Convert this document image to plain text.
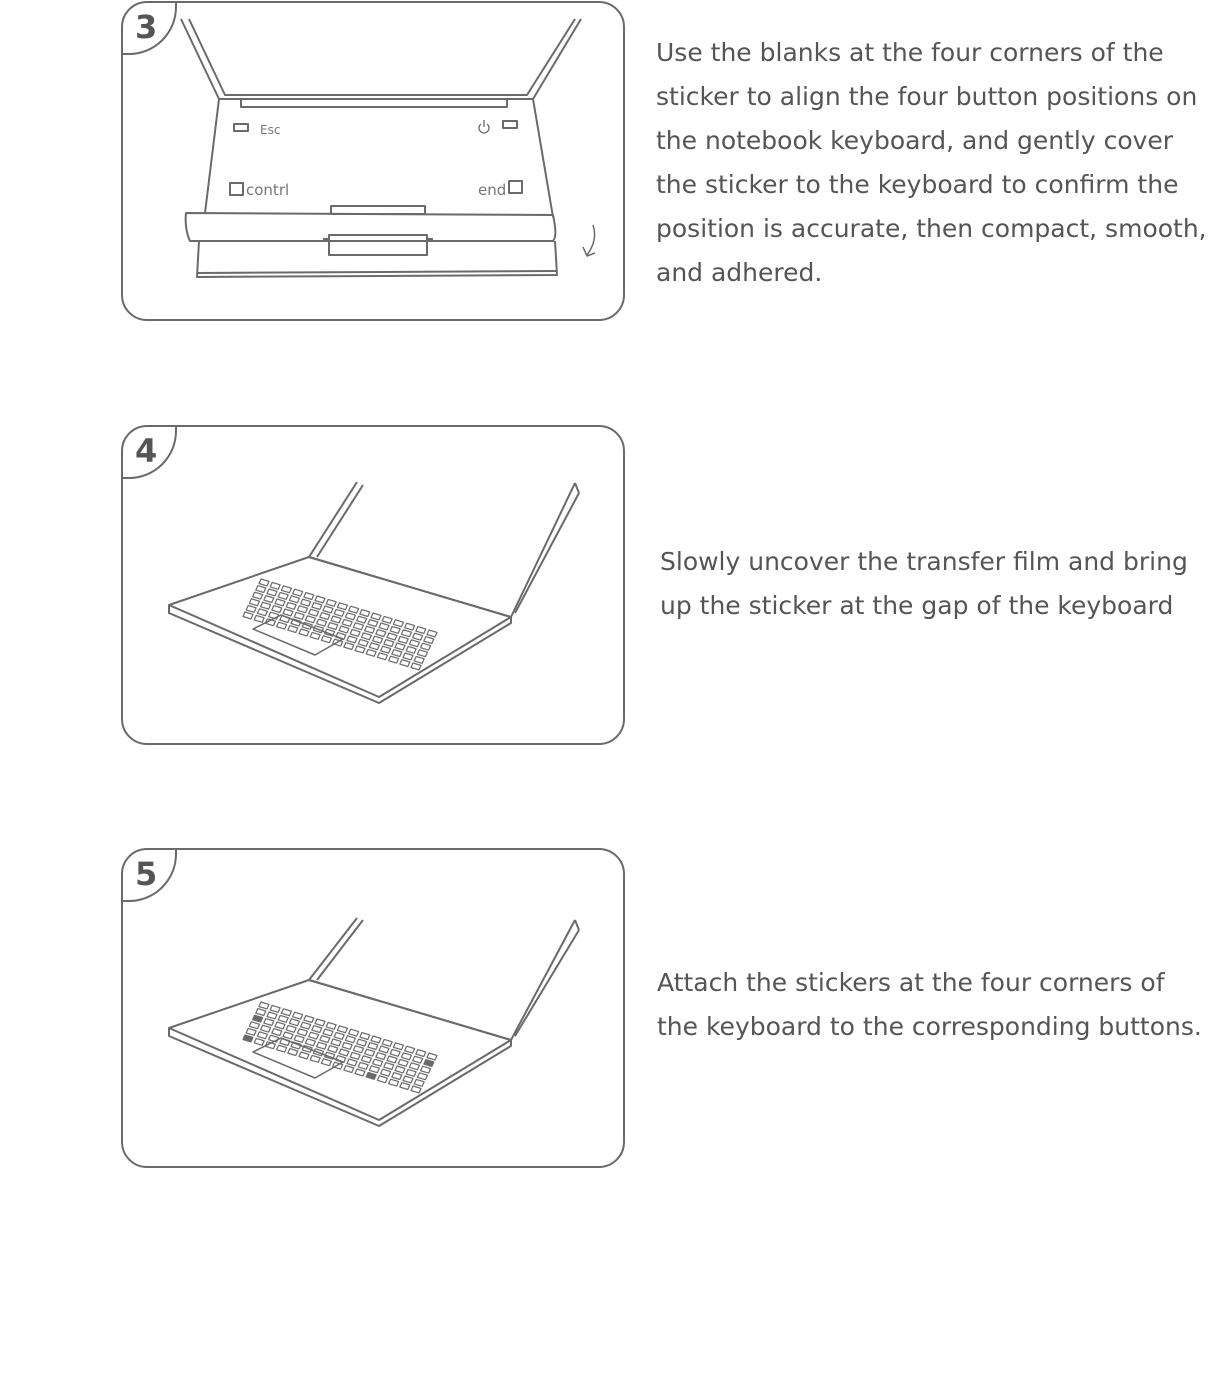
3
Esc
contrl	end

Use the blanks at the four corners of the
sticker to align the four button positions on
the notebook keyboard, and gently cover
the sticker to the keyboard to confirm the
position is accurate, then compact, smooth,
and adhered.

4

Slowly uncover the transfer film and bring
up the sticker at the gap of the keyboard

5

Attach the stickers at the four corners of
the keyboard to the corresponding buttons.
